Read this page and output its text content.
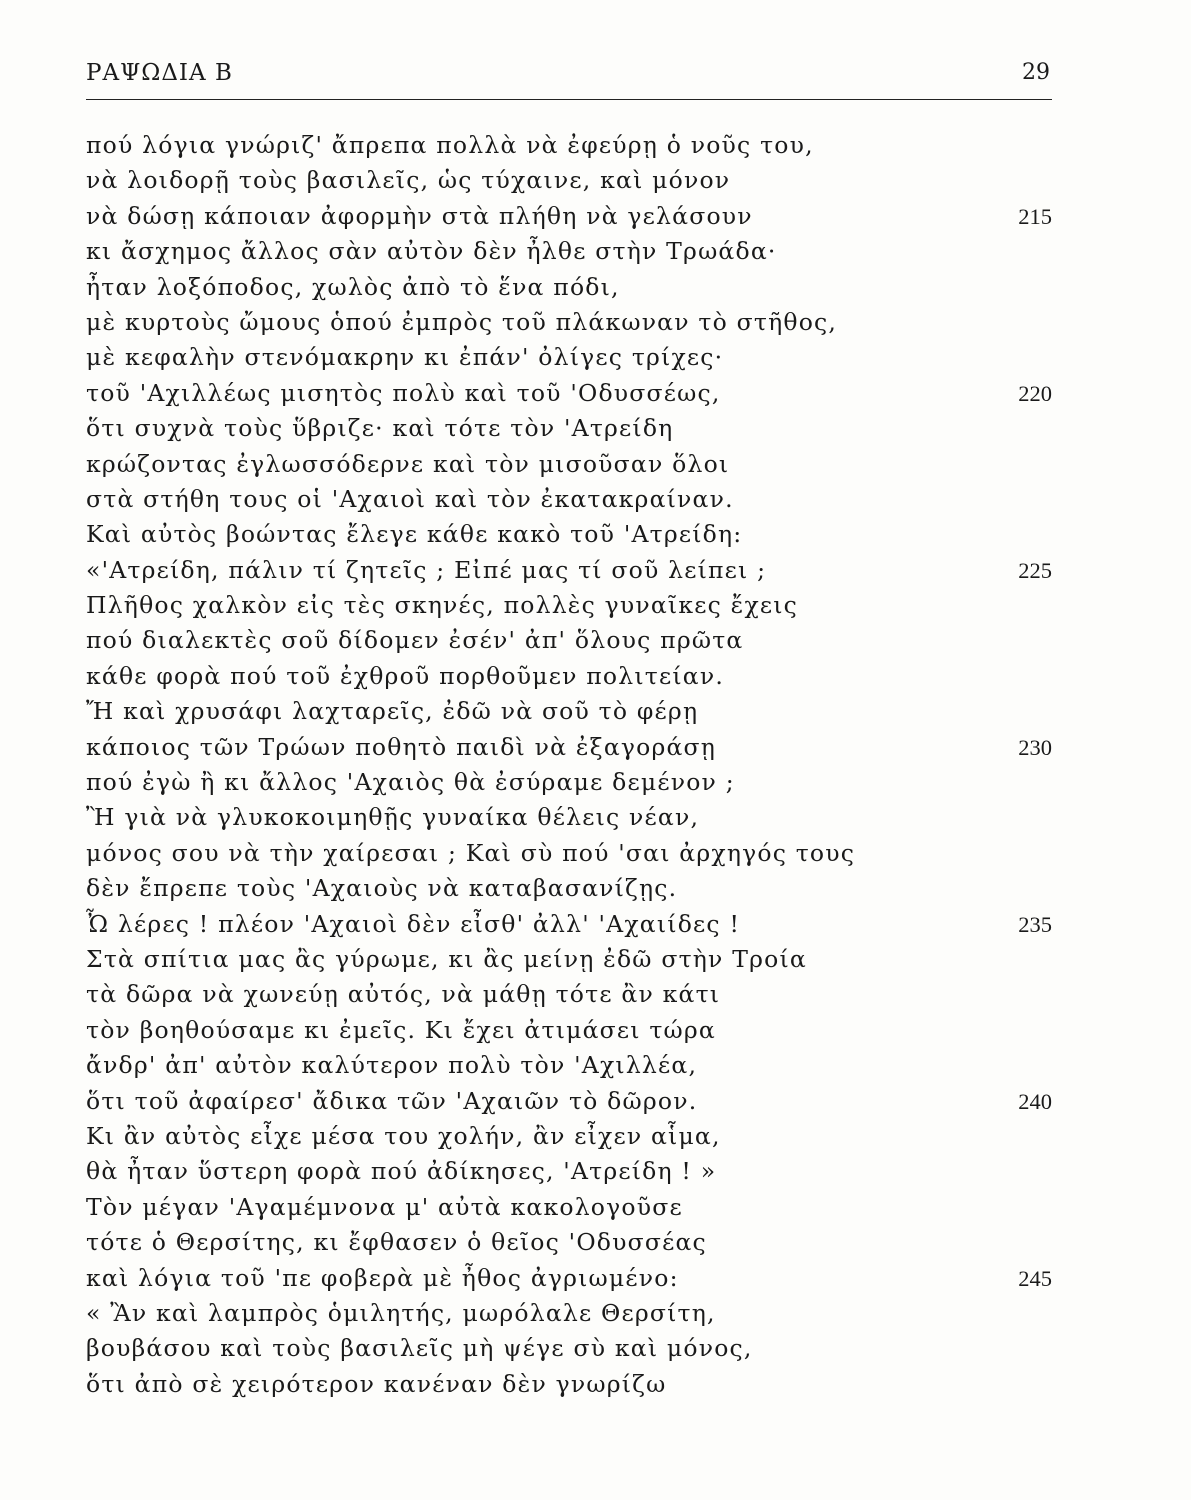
ΡΑΨΩΔΙΑ Β	29
πού λόγια γνώριζ' ἄπρεπα πολλὰ νὰ ἐφεύρῃ ὁ νοῦς του,
νὰ λοιδορῇ τοὺς βασιλεῖς, ὡς τύχαινε, καὶ μόνον
νὰ δώσῃ κάποιαν ἀφορμὴν στὰ πλήθη νὰ γελάσουν	215
κι ἄσχημος ἄλλος σὰν αὐτὸν δὲν ἦλθε στὴν Τρωάδα·
ἦταν λοξόποδος, χωλὸς ἀπὸ τὸ ἕνα πόδι,
μὲ κυρτοὺς ὤμους ὁπού ἐμπρὸς τοῦ πλάκωναν τὸ στῆθος,
μὲ κεφαλὴν στενόμακρην κι ἐπάν' ὀλίγες τρίχες·
τοῦ 'Αχιλλέως μισητὸς πολὺ καὶ τοῦ 'Οδυσσέως,	220
ὅτι συχνὰ τοὺς ὕβριζε· καὶ τότε τὸν 'Ατρείδη
κρώζοντας ἐγλωσσόδερνε καὶ τὸν μισοῦσαν ὅλοι
στὰ στήθη τους οἱ 'Αχαιοὶ καὶ τὸν ἐκατακραίναν.
Καὶ αὐτὸς βοώντας ἔλεγε κάθε κακὸ τοῦ 'Ατρείδη:
«'Ατρείδη, πάλιν τί ζητεῖς ; Εἰπέ μας τί σοῦ λείπει ;	225
Πλῆθος χαλκὸν εἰς τὲς σκηνές, πολλὲς γυναῖκες ἔχεις
πού διαλεκτὲς σοῦ δίδομεν ἐσέν' ἀπ' ὅλους πρῶτα
κάθε φορὰ πού τοῦ ἐχθροῦ πορθοῦμεν πολιτείαν.
Ἤ καὶ χρυσάφι λαχταρεῖς, ἐδῶ νὰ σοῦ τὸ φέρῃ
κάποιος τῶν Τρώων ποθητὸ παιδὶ νὰ ἐξαγοράσῃ	230
πού ἐγὼ ἢ κι ἄλλος 'Αχαιὸς θὰ ἐσύραμε δεμένον ;
Ἢ γιὰ νὰ γλυκοκοιμηθῇς γυναίκα θέλεις νέαν,
μόνος σου νὰ τὴν χαίρεσαι ; Καὶ σὺ πού 'σαι ἀρχηγός τους
δὲν ἔπρεπε τοὺς 'Αχαιοὺς νὰ καταβασανίζῃς.
Ὦ λέρες ! πλέον 'Αχαιοὶ δὲν εἶσθ' ἀλλ' 'Αχαιίδες !	235
Στὰ σπίτια μας ἂς γύρωμε, κι ἂς μείνῃ ἐδῶ στὴν Τροία
τὰ δῶρα νὰ χωνεύῃ αὐτός, νὰ μάθῃ τότε ἂν κάτι
τὸν βοηθούσαμε κι ἐμεῖς. Κι ἔχει ἀτιμάσει τώρα
ἄνδρ' ἀπ' αὐτὸν καλύτερον πολὺ τὸν 'Αχιλλέα,
ὅτι τοῦ ἀφαίρεσ' ἄδικα τῶν 'Αχαιῶν τὸ δῶρον.	240
Κι ἂν αὐτὸς εἶχε μέσα του χολήν, ἂν εἶχεν αἷμα,
θὰ ἦταν ὕστερη φορὰ πού ἀδίκησες, 'Ατρείδη ! »
Τὸν μέγαν 'Αγαμέμνονα μ' αὐτὰ κακολογοῦσε
τότε ὁ Θερσίτης, κι ἔφθασεν ὁ θεῖος 'Οδυσσέας
καὶ λόγια τοῦ 'πε φοβερὰ μὲ ἦθος ἀγριωμένο:	245
« Ἂν καὶ λαμπρὸς ὁμιλητής, μωρόλαλε Θερσίτη,
βουβάσου καὶ τοὺς βασιλεῖς μὴ ψέγε σὺ καὶ μόνος,
ὅτι ἀπὸ σὲ χειρότερον κανέναν δὲν γνωρίζω
